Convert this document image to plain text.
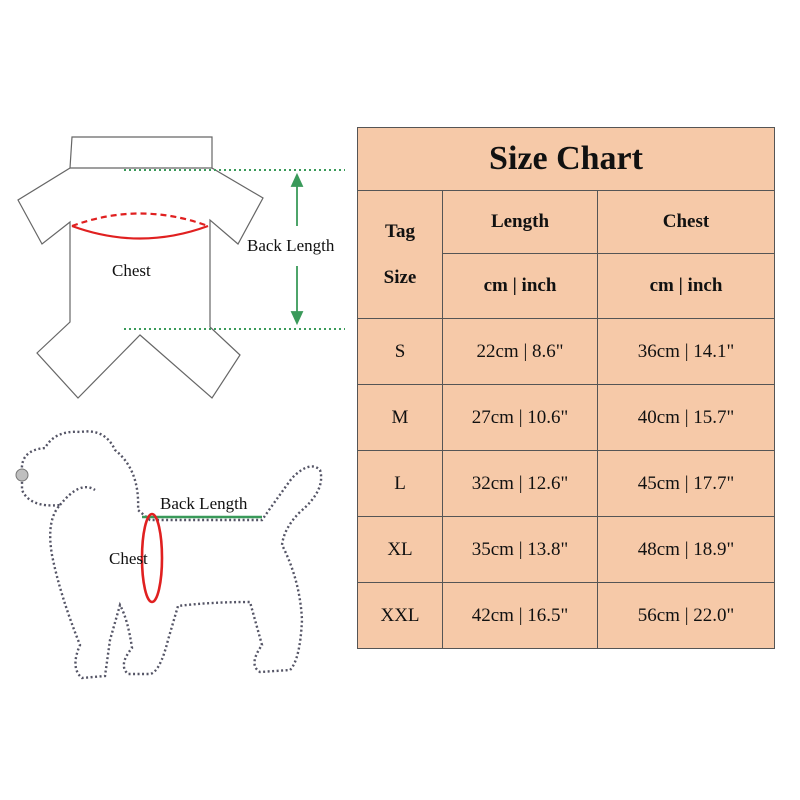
Chest
Back Length
Back Length
Chest
Size Chart		

Tag
Size	Length	Chest
	cm | inch	cm | inch
S	22cm | 8.6"	36cm | 14.1"
M	27cm | 10.6"	40cm | 15.7"
L	32cm | 12.6"	45cm | 17.7"
XL	35cm | 13.8"	48cm | 18.9"
XXL	42cm | 16.5"	56cm | 22.0"
